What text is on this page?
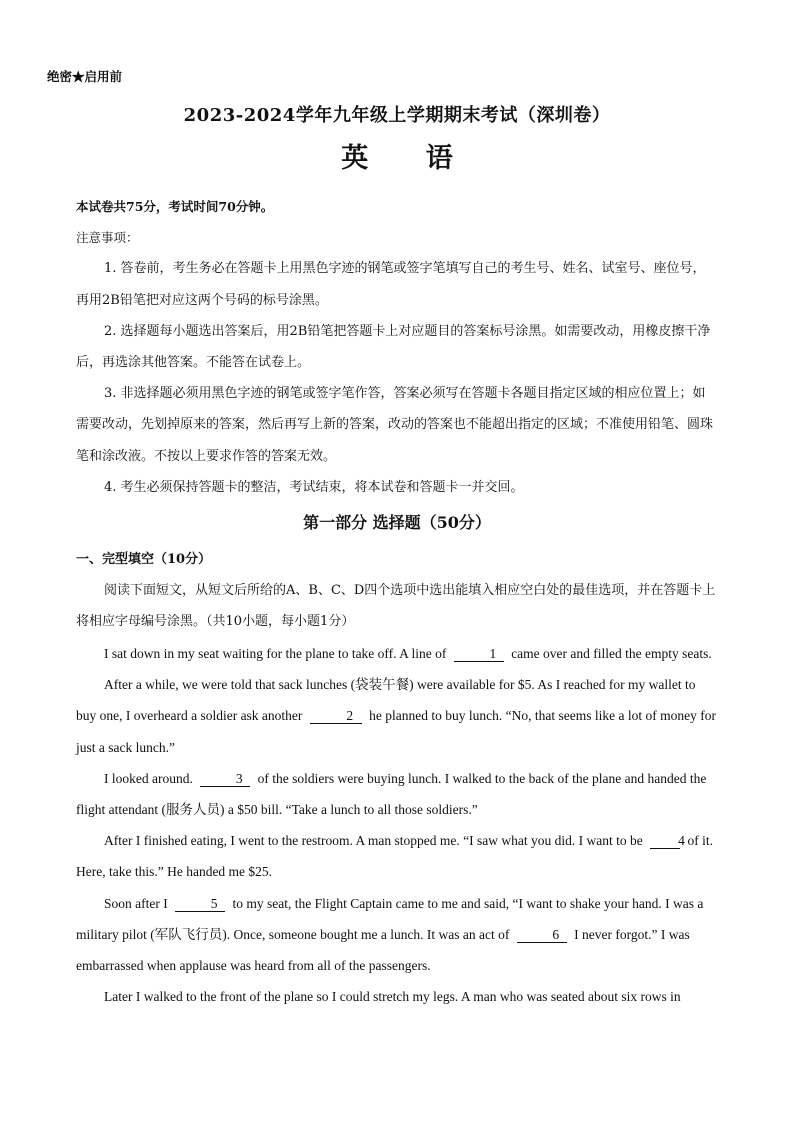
绝密★启用前
2023-2024学年九年级上学期期末考试（深圳卷）
英 语

本试卷共75分，考试时间70分钟。

注意事项：

1. 答卷前，考生务必在答题卡上用黑色字迹的钢笔或签字笔填写自己的考生号、姓名、试室号、座位号，再用2B铅笔把对应这两个号码的标号涂黑。

2. 选择题每小题选出答案后，用2B铅笔把答题卡上对应题目的答案标号涂黑。如需要改动，用橡皮擦干净后，再选涂其他答案。不能答在试卷上。

3. 非选择题必须用黑色字迹的钢笔或签字笔作答，答案必须写在答题卡各题目指定区域的相应位置上；如需要改动，先划掉原来的答案，然后再写上新的答案，改动的答案也不能超出指定的区域；不准使用铅笔、圆珠笔和涂改液。不按以上要求作答的答案无效。

4. 考生必须保持答题卡的整洁，考试结束，将本试卷和答题卡一并交回。

第一部分 选择题（50分）

一、完型填空（10分）

阅读下面短文，从短文后所给的A、B、C、D四个选项中选出能填入相应空白处的最佳选项，并在答题卡上将相应字母编号涂黑。（共10小题，每小题1分）

I sat down in my seat waiting for the plane to take off. A line of	1 came over and filled the empty seats.

After a while, we were told that sack lunches (袋装午餐) were available for $5. As I reached for my wallet to buy one, I overheard a soldier ask another	2 he planned to buy lunch. “No, that seems like a lot of money for just a sack lunch.”

I looked around.	3 of the soldiers were buying lunch. I walked to the back of the plane and handed the flight attendant (服务人员) a $50 bill. “Take a lunch to all those soldiers.”

After I finished eating, I went to the restroom. A man stopped me. “I saw what you did. I want to be	4 of it. Here, take this.” He handed me $25.

Soon after I	5 to my seat, the Flight Captain came to me and said, “I want to shake your hand. I was a military pilot (军队飞行员). Once, someone bought me a lunch. It was an act of	6 I never forgot.” I was embarrassed when applause was heard from all of the passengers.

Later I walked to the front of the plane so I could stretch my legs. A man who was seated about six rows in
